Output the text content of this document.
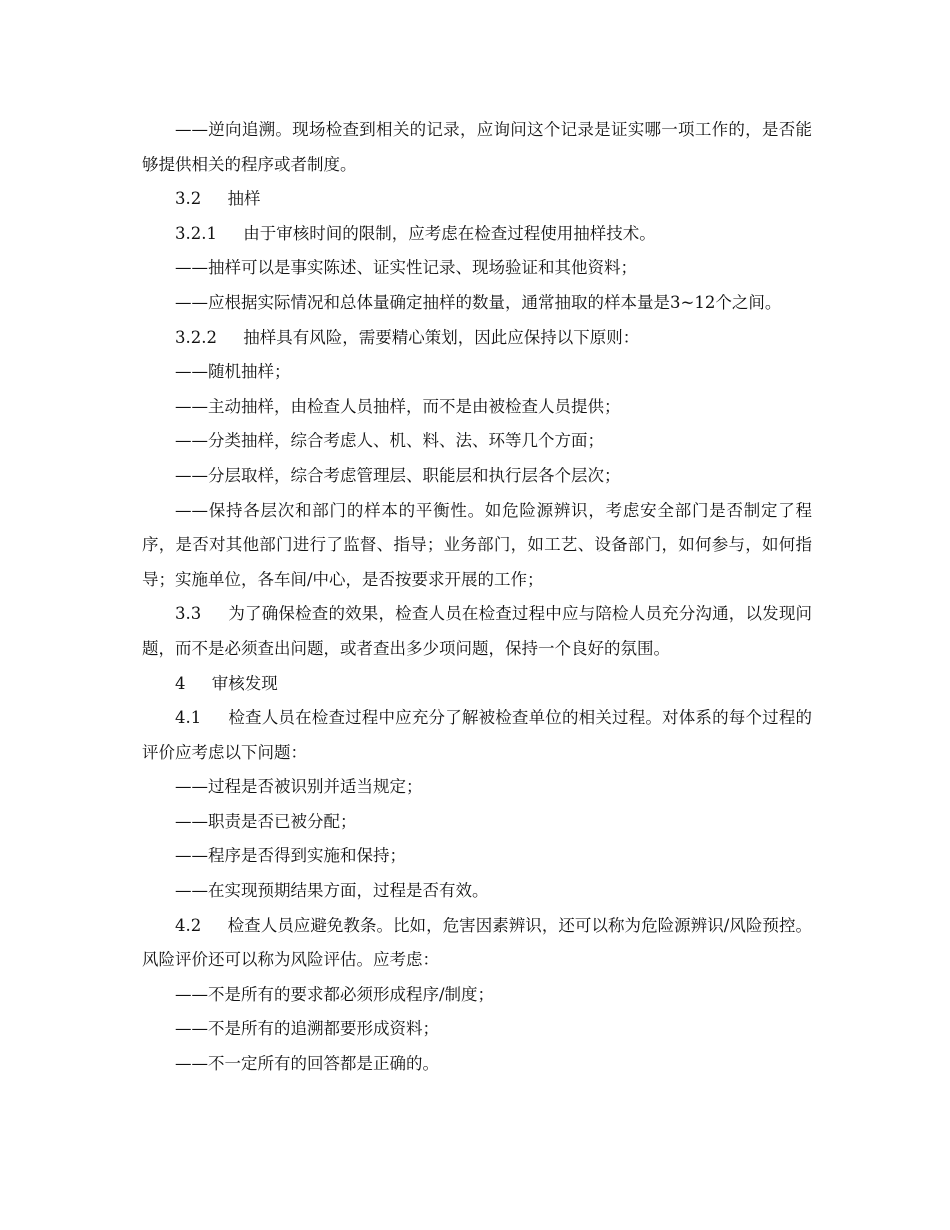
——逆向追溯。现场检查到相关的记录，应询问这个记录是证实哪一项工作的，是否能够提供相关的程序或者制度。

3.2     抽样

3.2.1     由于审核时间的限制，应考虑在检查过程使用抽样技术。

——抽样可以是事实陈述、证实性记录、现场验证和其他资料；

——应根据实际情况和总体量确定抽样的数量，通常抽取的样本量是3~12个之间。

3.2.2     抽样具有风险，需要精心策划，因此应保持以下原则：

——随机抽样；

——主动抽样，由检查人员抽样，而不是由被检查人员提供；

——分类抽样，综合考虑人、机、料、法、环等几个方面；

——分层取样，综合考虑管理层、职能层和执行层各个层次；

——保持各层次和部门的样本的平衡性。如危险源辨识，考虑安全部门是否制定了程序，是否对其他部门进行了监督、指导；业务部门，如工艺、设备部门，如何参与，如何指导；实施单位，各车间/中心，是否按要求开展的工作；

3.3     为了确保检查的效果，检查人员在检查过程中应与陪检人员充分沟通，以发现问题，而不是必须查出问题，或者查出多少项问题，保持一个良好的氛围。

4     审核发现

4.1     检查人员在检查过程中应充分了解被检查单位的相关过程。对体系的每个过程的评价应考虑以下问题：

——过程是否被识别并适当规定；

——职责是否已被分配；

——程序是否得到实施和保持；

——在实现预期结果方面，过程是否有效。

4.2     检查人员应避免教条。比如，危害因素辨识，还可以称为危险源辨识/风险预控。风险评价还可以称为风险评估。应考虑：

——不是所有的要求都必须形成程序/制度；

——不是所有的追溯都要形成资料；

——不一定所有的回答都是正确的。
